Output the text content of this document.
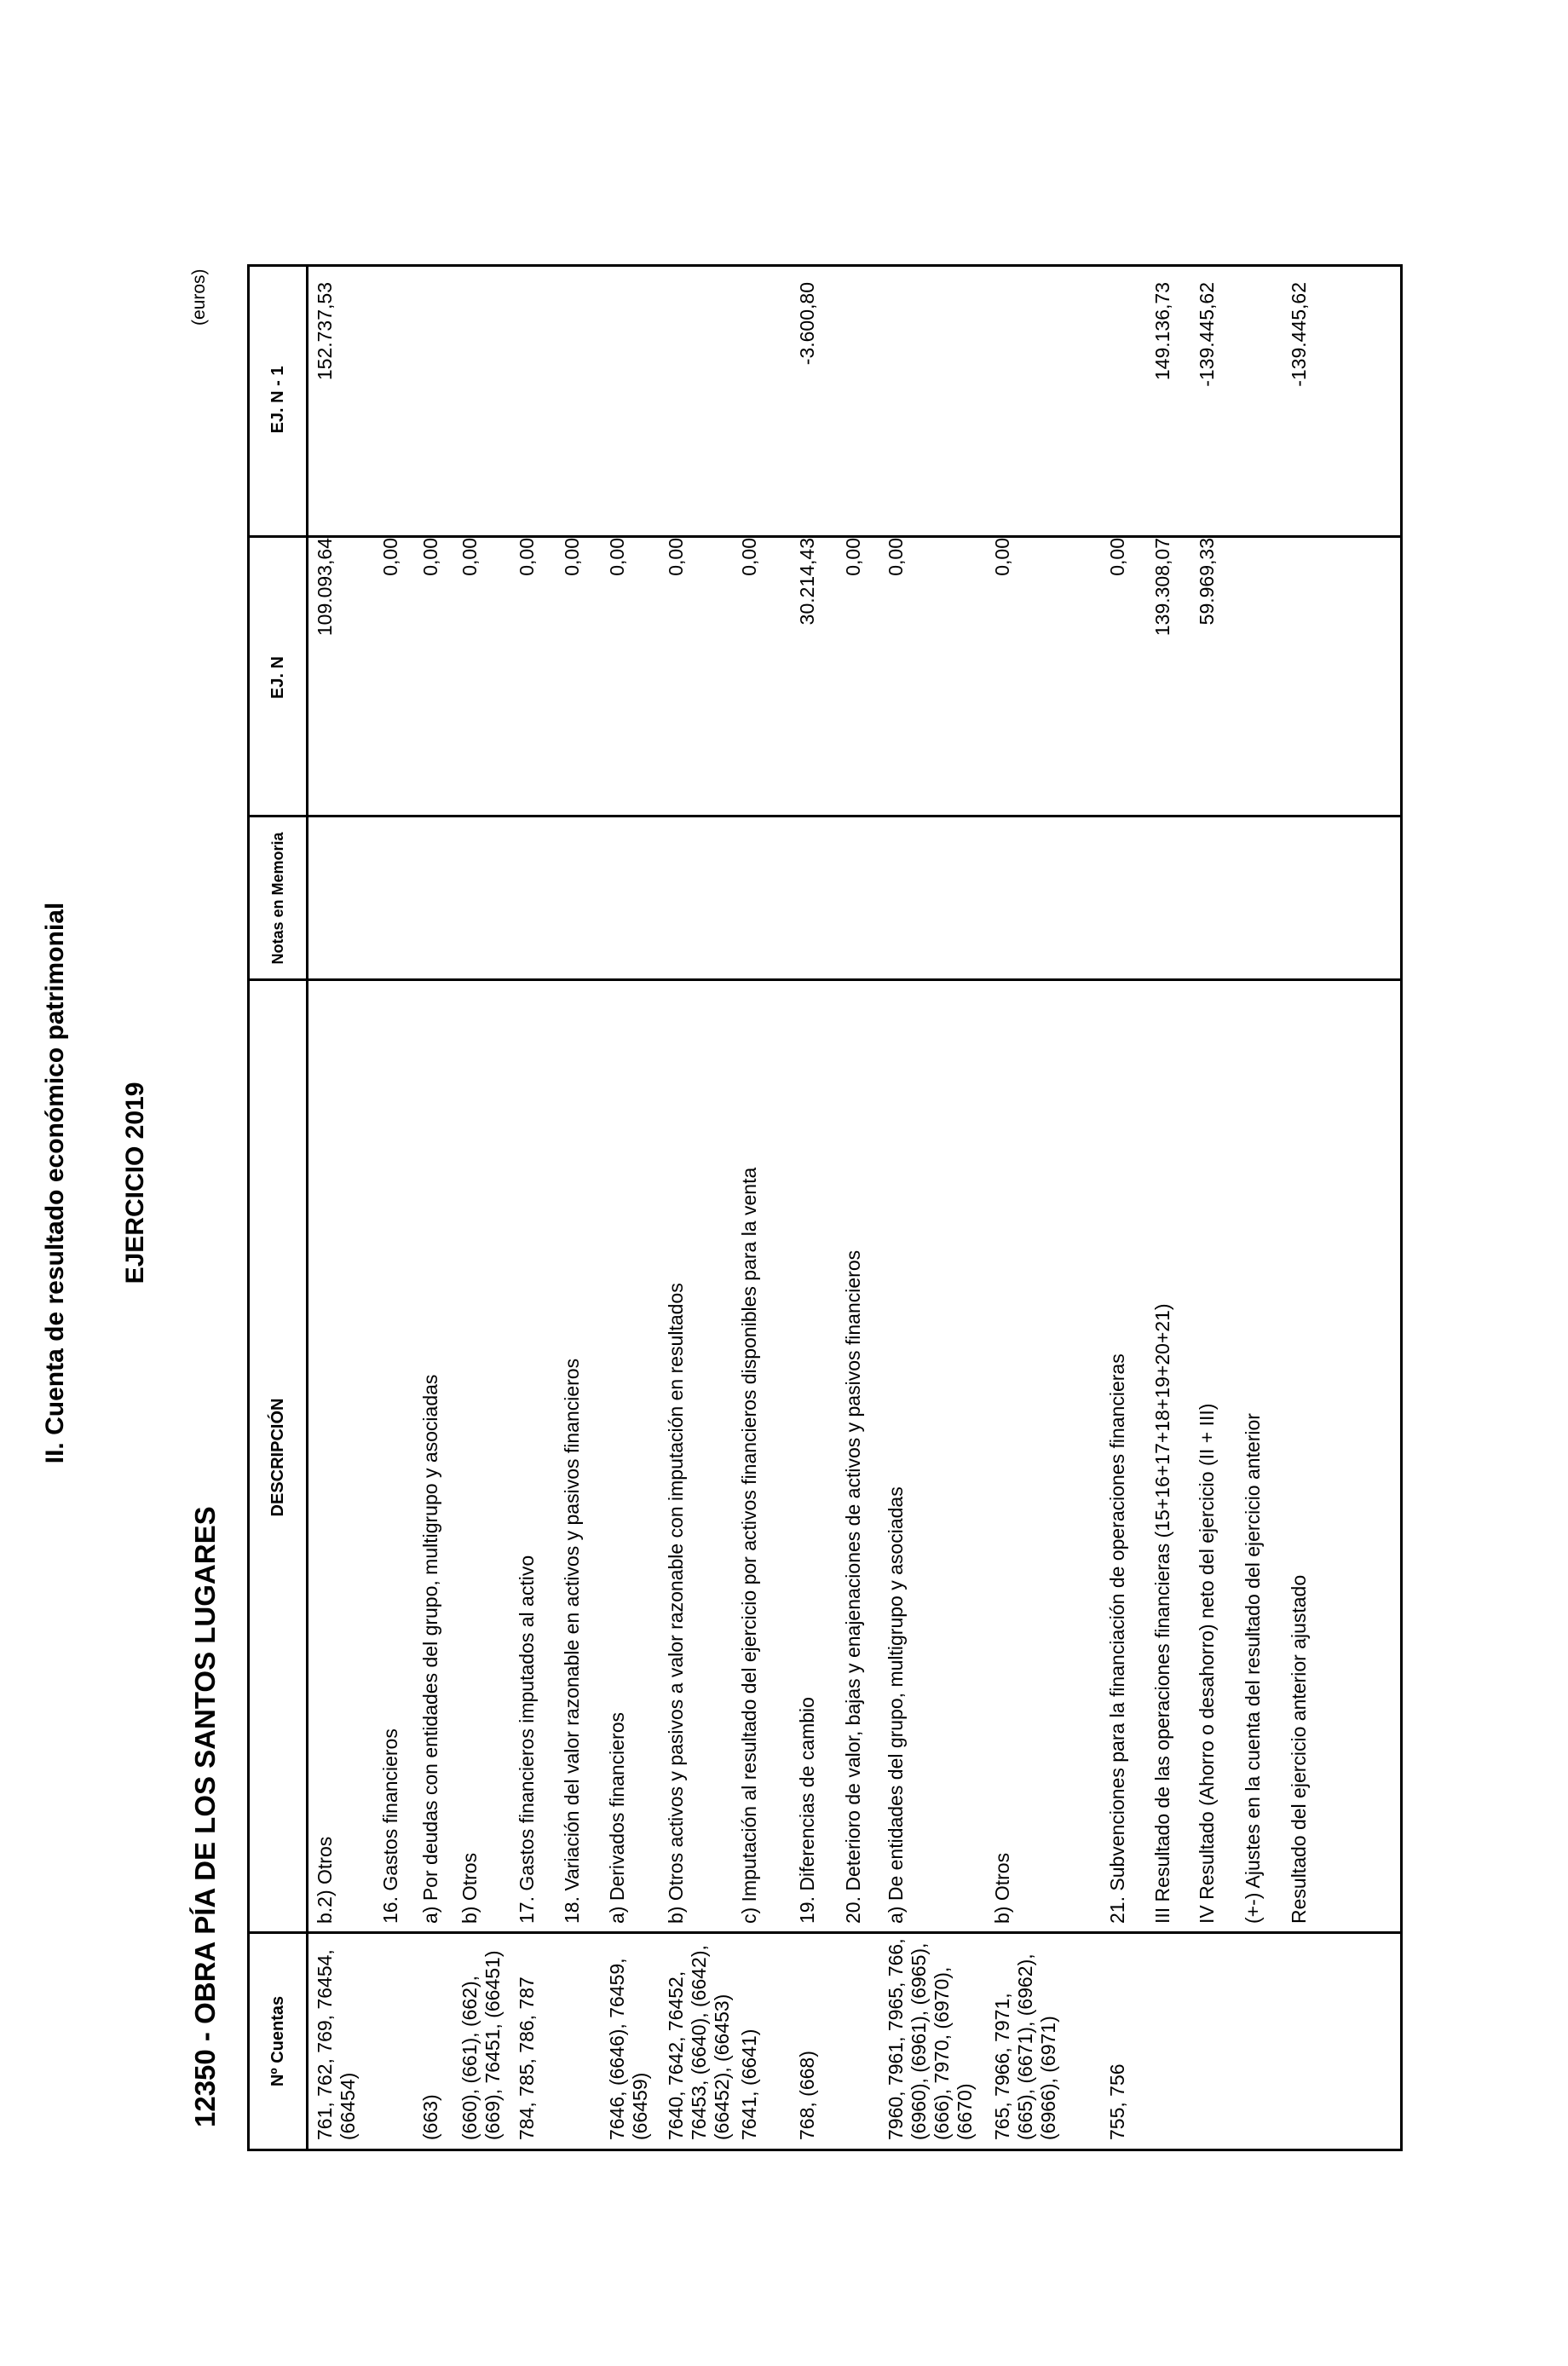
II. Cuenta de resultado económico patrimonial EJERCICIO 2019
12350 - OBRA PÍA DE LOS SANTOS LUGARES
(euros)
Nº Cuentas
DESCRIPCIÓN
Notas en Memoria
EJ. N
EJ. N - 1
761, 762, 769, 76454, (66454)
b.2) Otros
109.093,64
152.737,53
16. Gastos financieros
0,00
(663)
a) Por deudas con entidades del grupo, multigrupo y asociadas
0,00
(660), (661), (662), (669), 76451, (66451)
b) Otros
0,00
784, 785, 786, 787
17. Gastos financieros imputados al activo
0,00
18. Variación del valor razonable en activos y pasivos financieros
0,00
7646, (6646), 76459, (66459)
a) Derivados financieros
0,00
7640, 7642, 76452, 76453, (6640), (6642), (66452), (66453)
b) Otros activos y pasivos a valor razonable con imputación en resultados
0,00
7641, (6641)
c) Imputación al resultado del ejercicio por activos financieros disponibles para la venta
0,00
768, (668)
19. Diferencias de cambio
30.214,43
-3.600,80
20. Deterioro de valor, bajas y enajenaciones de activos y pasivos financieros
0,00
7960, 7961, 7965, 766, (6960), (6961), (6965), (666), 7970, (6970), (6670)
a) De entidades del grupo, multigrupo y asociadas
0,00
765, 7966, 7971, (665), (6671), (6962), (6966), (6971)
b) Otros
0,00
755, 756
21. Subvenciones para la financiación de operaciones financieras
0,00
III Resultado de las operaciones financieras (15+16+17+18+19+20+21)
139.308,07
149.136,73
IV Resultado (Ahorro o desahorro) neto del ejercicio (II + III)
59.969,33
-139.445,62
(+-) Ajustes en la cuenta del resultado del ejercicio anterior Resultado del ejercicio anterior ajustado
-139.445,62
